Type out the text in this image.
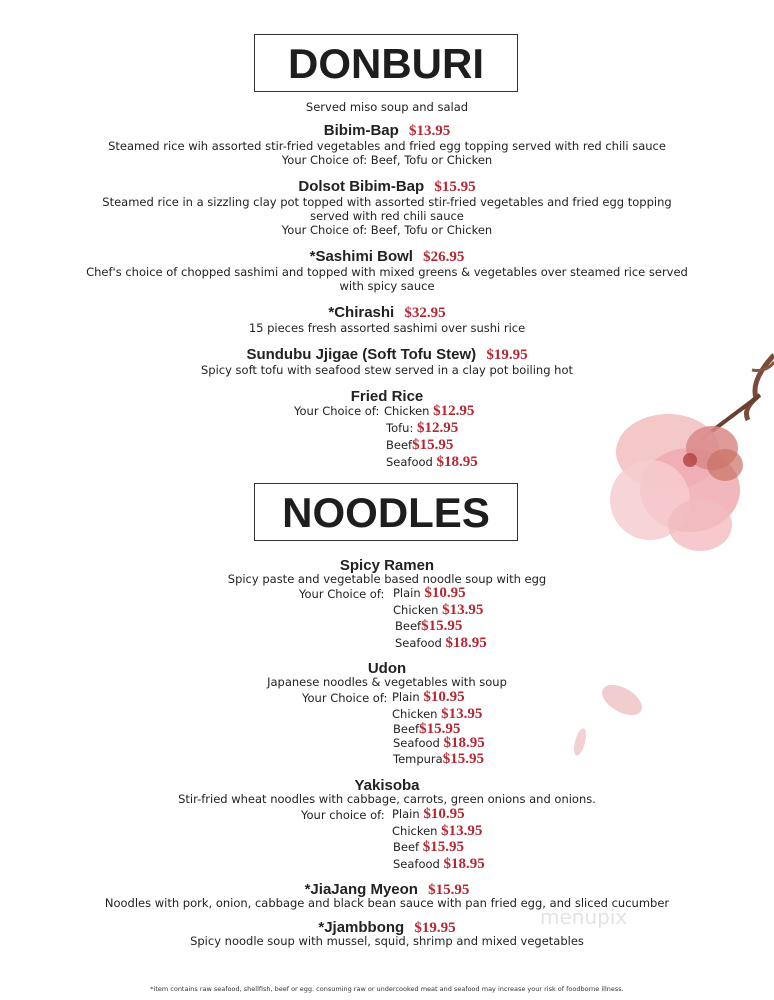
menupix
DONBURI
Served miso soup and salad
Bibim-Bap $13.95
Steamed rice wih assorted stir-fried vegetables and fried egg topping served with red chili sauce
Your Choice of: Beef, Tofu or Chicken
Dolsot Bibim-Bap $15.95
Steamed rice in a sizzling clay pot topped with assorted stir-fried vegetables and fried egg topping
served with red chili sauce
Your Choice of: Beef, Tofu or Chicken
*Sashimi Bowl $26.95
Chef's choice of chopped sashimi and topped with mixed greens & vegetables over steamed rice served
with spicy sauce
*Chirashi $32.95
15 pieces fresh assorted sashimi over sushi rice
Sundubu Jjigae (Soft Tofu Stew) $19.95
Spicy soft tofu with seafood stew served in a clay pot boiling hot
Fried Rice
Your Choice of: Chicken $12.95
Tofu: $12.95
Beef$15.95
Seafood $18.95
NOODLES
Spicy Ramen
Spicy paste and vegetable based noodle soup with egg
Your Choice of: Plain $10.95
Chicken $13.95
Beef$15.95
Seafood $18.95
Udon
Japanese noodles & vegetables with soup
Your Choice of: Plain $10.95
Chicken $13.95
Beef$15.95
Seafood $18.95
Tempura$15.95
Yakisoba
Stir-fried wheat noodles with cabbage, carrots, green onions and onions.
Your choice of: Plain $10.95
Chicken $13.95
Beef $15.95
Seafood $18.95
*JiaJang Myeon $15.95
Noodles with pork, onion, cabbage and black bean sauce with pan fried egg, and sliced cucumber
*Jjambbong $19.95
Spicy noodle soup with mussel, squid, shrimp and mixed vegetables
*item contains raw seafood, shellfish, beef or egg. consuming raw or undercooked meat and seafood may increase your risk of foodborne illness.
